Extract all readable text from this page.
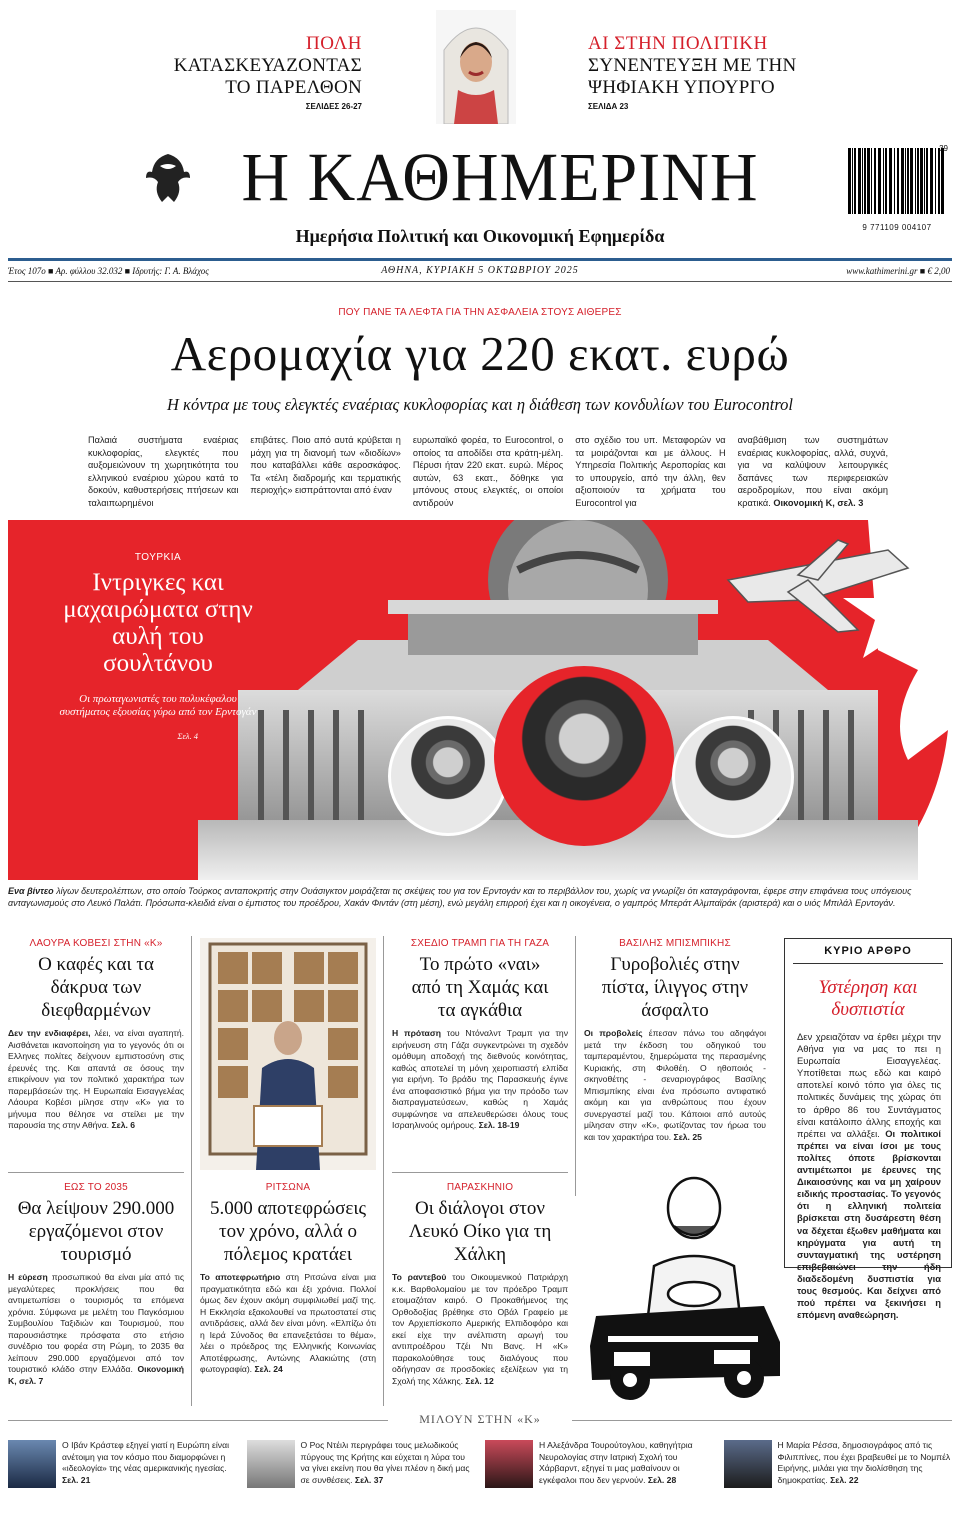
ΠΟΛΗ
ΚΑΤΑΣΚΕΥΑΖΟΝΤΑΣ ΤΟ ΠΑΡΕΛΘΟΝ
ΣΕΛΙΔΕΣ 26-27
AI ΣΤΗΝ ΠΟΛΙΤΙΚΗ
ΣΥΝΕΝΤΕΥΞΗ ΜΕ ΤΗΝ ΨΗΦΙΑΚΗ ΥΠΟΥΡΓΟ
ΣΕΛΙΔΑ 23
Η ΚΑΘΗΜΕΡΙΝΗ
Ημερήσια Πολιτική και Οικονομική Εφημερίδα	9 771109 004107
39
Έτος 107ο ■ Αρ. φύλλου 32.032 ■ Ιδρυτής: Γ. Α. Βλάχος	ΑΘΗΝΑ, ΚΥΡΙΑΚΗ 5 ΟΚΤΩΒΡΙΟΥ 2025	www.kathimerini.gr ■ € 2,00
ΠΟΥ ΠΑΝΕ ΤΑ ΛΕΦΤΑ ΓΙΑ ΤΗΝ ΑΣΦΑΛΕΙΑ ΣΤΟΥΣ ΑΙΘΕΡΕΣ
Αερομαχία για 220 εκατ. ευρώ
Η κόντρα με τους ελεγκτές εναέριας κυκλοφορίας και η διάθεση των κονδυλίων του Eurocontrol
Παλαιά συστήματα εναέριας κυκλοφορίας, ελεγκτές που αυξομειώνουν τη χωρητικότητα του ελληνικού εναέριου χώρου κατά το δοκούν, καθυστερήσεις πτήσεων και ταλαιπωρημένοι
επιβάτες. Ποιο από αυτά κρύβεται η μάχη για τη διανομή των «διοδίων» που καταβάλλει κάθε αεροσκάφος. Τα «τέλη διαδρομής και τερματικής περιοχής» εισπράττονται από έναν
ευρωπαϊκό φορέα, το Eurocontrol, ο οποίος τα αποδίδει στα κράτη-μέλη. Πέρυσι ήταν 220 εκατ. ευρώ. Μέρος αυτών, 63 εκατ., δόθηκε για μπόνους στους ελεγκτές, οι οποίοι αντιδρούν
στο σχέδιο του υπ. Μεταφορών να τα μοιράζονται και με άλλους. Η Υπηρεσία Πολιτικής Αεροπορίας και το υπουργείο, από την άλλη, θεν αξιοποιούν τα χρήματα του Eurocontrol για
αναβάθμιση των συστημάτων εναέριας κυκλοφορίας, αλλά, συχνά, για να καλύψουν λειτουργικές δαπάνες των περιφερειακών αεροδρομίων, που είναι ακόμη κρατικά. Οικονομική Κ, σελ. 3
ΤΟΥΡΚΙΑ
Ιντριγκες και μαχαιρώματα στην αυλή του σουλτάνου
Οι πρωταγωνιστές του πολυκέφαλου συστήματος εξουσίας γύρω από τον Ερντογάν
Σελ. 4
Ενα βίντεο λίγων δευτερολέπτων, στο οποίο Τούρκος ανταποκριτής στην Ουάσιγκτον μοιράζεται τις σκέψεις του για τον Ερντογάν και το περιβάλλον του, χωρίς να γνωρίζει ότι καταγράφονται, έφερε στην επιφάνεια τους υπόγειους ανταγωνισμούς στο Λευκό Παλάτι. Πρόσωπα-κλειδιά είναι ο έμπιστος του προέδρου, Χακάν Φιντάν (στη μέση), ενώ μεγάλη επιρροή έχει και η οικογένεια, ο γαμπρός Μπεράτ Αλμπαϊράκ (αριστερά) και ο υιός Μπιλάλ Ερντογάν.
ΛΑΟΥΡΑ ΚΟΒΕΣΙ ΣΤΗΝ «Κ»
Ο καφές και τα δάκρυα των διεφθαρμένων
Δεν την ενδιαφέρει, λέει, να είναι αγαπητή. Αισθάνεται ικανοποίηση για το γεγονός ότι οι Ελληνες πολίτες δείχνουν εμπιστοσύνη στις έρευνές της. Και απαντά σε όσους την επικρίνουν για τον πολιτικό χαρακτήρα των παρεμβάσεών της. Η Ευρωπαία Εισαγγελέας Λάουρα Κοβέσι μίλησε στην «Κ» για το μήνυμα που θέλησε να στείλει με την παρουσία της στην Αθήνα. Σελ. 6
ΣΧΕΔΙΟ ΤΡΑΜΠ ΓΙΑ ΤΗ ΓΑΖΑ
Το πρώτο «ναι» από τη Χαμάς και τα αγκάθια
Η πρόταση του Ντόναλντ Τραμπ για την ειρήνευση στη Γάζα συγκεντρώνει τη σχεδόν ομόθυμη αποδοχή της διεθνούς κοινότητας, καθώς αποτελεί τη μόνη χειροπιαστή ελπίδα για ειρήνη. Το βράδυ της Παρασκευής έγινε ένα αποφασιστικό βήμα για την πρόοδο των διαπραγματεύσεων, καθώς η Χαμάς συμφώνησε να απελευθερώσει όλους τους Ισραηλινούς ομήρους. Σελ. 18-19
ΒΑΣΙΛΗΣ ΜΠΙΣΜΠΙΚΗΣ
Γυροβολιές στην πίστα, ίλιγγος στην άσφαλτο
Οι προβολείς έπεσαν πάνω του αδηφάγοι μετά την έκδοση του οδηγικού του ταμπεραμέντου, ξημερώματα της περασμένης Κυριακής, στη Φιλοθέη. Ο ηθοποιός - σκηνοθέτης - σεναριογράφος Βασίλης Μπισμπίκης είναι ένα πρόσωπο αντιφατικό ακόμη και για ανθρώπους που έχουν συνεργαστεί μαζί του. Κάποιοι από αυτούς μίλησαν στην «Κ», φωτίζοντας τον ήρωα του και τον χαρακτήρα του. Σελ. 25
ΚΥΡΙΟ ΑΡΘΡΟ
Υστέρηση και δυσπιστία
Δεν χρειαζόταν να έρθει μέχρι την Αθήνα για να μας το πει η Ευρωπαία Εισαγγελέας. Υποτίθεται πως εδώ και καιρό αποτελεί κοινό τόπο για όλες τις πολιτικές δυνάμεις της χώρας ότι το άρθρο 86 του Συντάγματος είναι κατάλοιπο άλλης εποχής και πρέπει να αλλάξει. Οι πολιτικοί πρέπει να είναι ίσοι με τους πολίτες όποτε βρίσκονται αντιμέτωποι με έρευνες της Δικαιοσύνης και να μη χαίρουν ειδικής προστασίας. Το γεγονός ότι η ελληνική πολιτεία βρίσκεται στη δυσάρεστη θέση να δέχεται έξωθεν μαθήματα και κηρύγματα για αυτή τη συνταγματική της υστέρηση επιβεβαιώνει την ήδη διαδεδομένη δυσπιστία για τους θεσμούς. Και δείχνει από πού πρέπει να ξεκινήσει η επόμενη αναθεώρηση.
ΕΩΣ ΤΟ 2035
Θα λείψουν 290.000 εργαζόμενοι στον τουρισμό
Η εύρεση προσωπικού θα είναι μία από τις μεγαλύτερες προκλήσεις που θα αντιμετωπίσει ο τουρισμός τα επόμενα χρόνια. Σύμφωνα με μελέτη του Παγκόσμιου Συμβουλίου Ταξιδιών και Τουρισμού, που παρουσιάστηκε πρόσφατα στο ετήσιο συνέδριο του φορέα στη Ρώμη, το 2035 θα λείπουν 290.000 εργαζόμενοι από τον τουριστικό κλάδο στην Ελλάδα. Οικονομική Κ, σελ. 7
ΡΙΤΣΩΝΑ
5.000 αποτεφρώσεις τον χρόνο, αλλά ο πόλεμος κρατάει
Το αποτεφρωτήριο στη Ριτσώνα είναι μια πραγματικότητα εδώ και έξι χρόνια. Πολλοί όμως δεν έχουν ακόμη συμφιλιωθεί μαζί της. Η Εκκλησία εξακολουθεί να πρωτοστατεί στις αντιδράσεις, αλλά δεν είναι μόνη. «Ελπίζω ότι η Ιερά Σύνοδος θα επανεξετάσει το θέμα», λέει ο πρόεδρος της Ελληνικής Κοινωνίας Αποτέφρωσης, Αντώνης Αλακιώτης (στη φωτογραφία). Σελ. 24
ΠΑΡΑΣΚΗΝΙΟ
Οι διάλογοι στον Λευκό Οίκο για τη Χάλκη
Το ραντεβού του Οικουμενικού Πατριάρχη κ.κ. Βαρθολομαίου με τον πρόεδρο Τραμπ ετοιμαζόταν καιρό. Ο Προκαθήμενος της Ορθοδοξίας βρέθηκε στο Οβάλ Γραφείο με τον Αρχιεπίσκοπο Αμερικής Ελπιδοφόρο και εκεί είχε την ανέλπιστη αρωγή του αντιπροέδρου Τζέι Ντι Βανς. Η «Κ» παρακολούθησε τους διαλόγους που οδήγησαν σε προσδοκίες εξελίξεων για τη Σχολή της Χάλκης. Σελ. 12
ΜΙΛΟΥΝ ΣΤΗΝ «Κ»
Ο Ιβάν Κράστεφ εξηγεί γιατί η Ευρώπη είναι ανέτοιμη για τον κόσμο που διαμορφώνει η «ιδεολογία» της νέας αμερικανικής ηγεσίας. Σελ. 21
Ο Ρος Ντέιλι περιγράφει τους μελωδικούς πύργους της Κρήτης και εύχεται η λύρα του να γίνει εκείνη που θα γίνει πλέον η δική μας σε συνθέσεις. Σελ. 37
Η Αλεξάνδρα Τουρούτογλου, καθηγήτρια Νευρολογίας στην Ιατρική Σχολή του Χάρβαρντ, εξηγεί τι μας μαθαίνουν οι εγκέφαλοι που δεν γερνούν. Σελ. 28
Η Μαρία Ρέσσα, δημοσιογράφος από τις Φιλιππίνες, που έχει βραβευθεί με το Νομπέλ Ειρήνης, μιλάει για την διολίσθηση της δημοκρατίας. Σελ. 22
